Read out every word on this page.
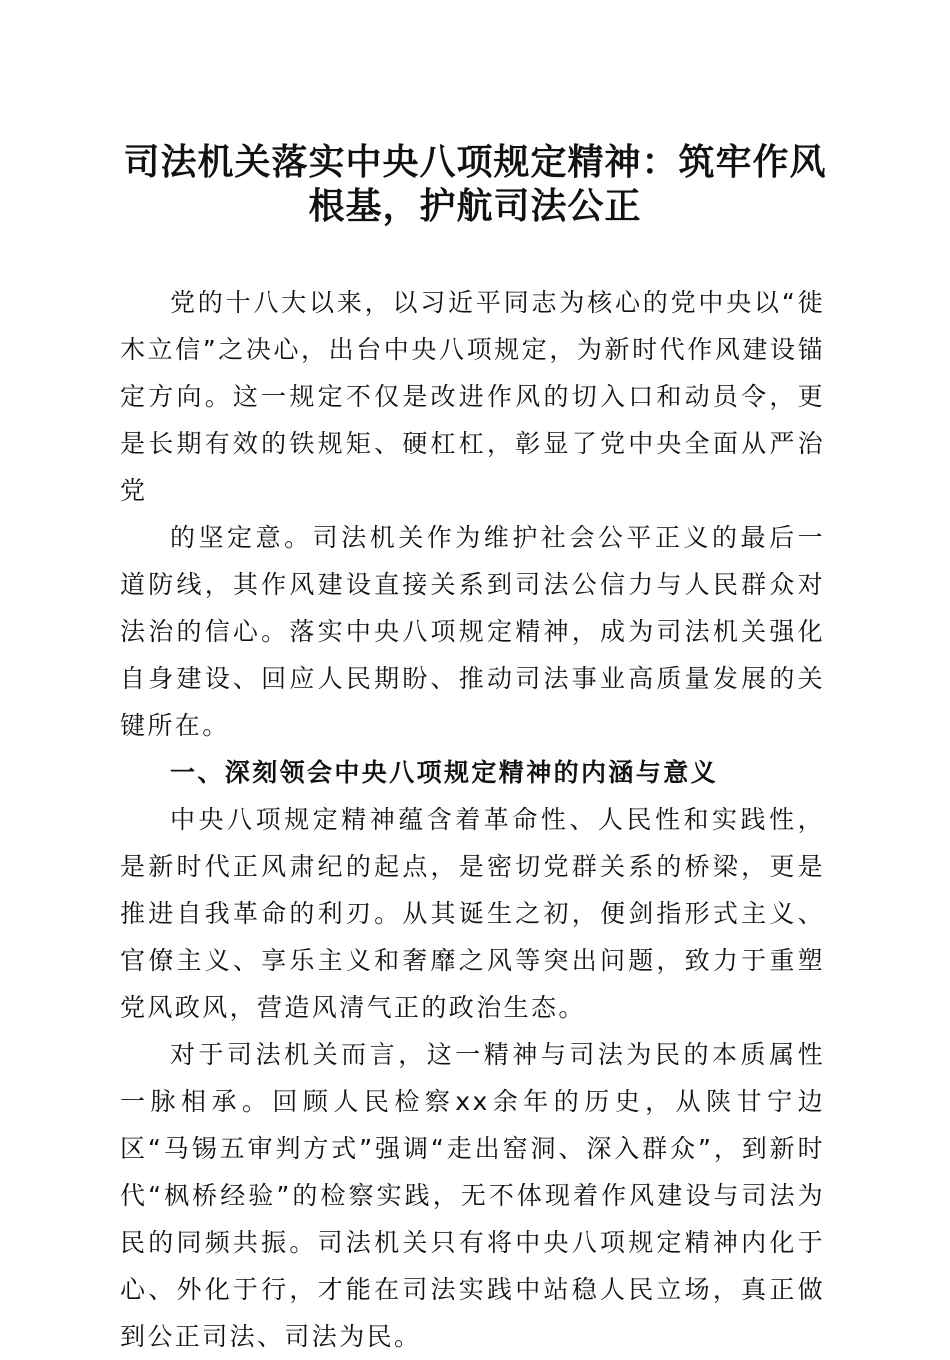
司法机关落实中央八项规定精神：筑牢作风根基，护航司法公正

党的十八大以来，以习近平同志为核心的党中央以“徙木立信”之决心，出台中央八项规定，为新时代作风建设锚定方向。这一规定不仅是改进作风的切入口和动员令，更是长期有效的铁规矩、硬杠杠，彰显了党中央全面从严治党

的坚定意。司法机关作为维护社会公平正义的最后一道防线，其作风建设直接关系到司法公信力与人民群众对法治的信心。落实中央八项规定精神，成为司法机关强化自身建设、回应人民期盼、推动司法事业高质量发展的关键所在。

一、深刻领会中央八项规定精神的内涵与意义

中央八项规定精神蕴含着革命性、人民性和实践性，是新时代正风肃纪的起点，是密切党群关系的桥梁，更是推进自我革命的利刃。从其诞生之初，便剑指形式主义、官僚主义、享乐主义和奢靡之风等突出问题，致力于重塑党风政风，营造风清气正的政治生态。

对于司法机关而言，这一精神与司法为民的本质属性一脉相承。回顾人民检察xx余年的历史，从陕甘宁边区“马锡五审判方式”强调“走出窑洞、深入群众”，到新时代“枫桥经验”的检察实践，无不体现着作风建设与司法为民的同频共振。司法机关只有将中央八项规定精神内化于心、外化于行，才能在司法实践中站稳人民立场，真正做到公正司法、司法为民。
